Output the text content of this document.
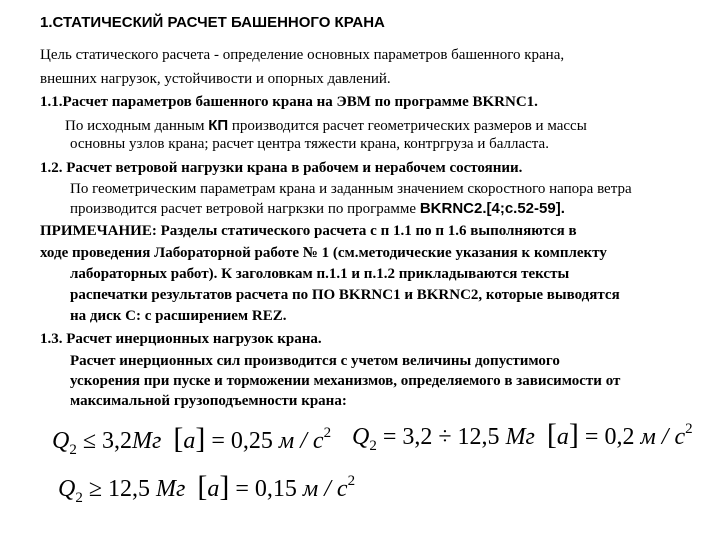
1.СТАТИЧЕСКИЙ РАСЧЕТ БАШЕННОГО КРАНА
Цель статического расчета - определение основных параметров башенного крана,
внешних нагрузок, устойчивости и опорных давлений.
1.1.Расчет параметров башенного крана на ЭВМ по программе BKRNC1.
По исходным данным КП производится расчет геометрических размеров и массы
основны узлов крана; расчет центра тяжести крана, контргруза и балласта.
1.2. Расчет ветровой нагрузки крана в рабочем и нерабочем состоянии.
По геометрическим параметрам крана и заданным значением скоростного напора ветра
производится расчет ветровой нагркзки по программе BKRNC2.[4;с.52-59].
ПРИМЕЧАНИЕ: Разделы статического расчета с п 1.1 по п 1.6 выполняются в
ходе проведения Лабораторной работе № 1 (см.методические указания к комплекту
лабораторных работ). К заголовкам п.1.1 и п.1.2 прикладываются тексты
распечатки результатов расчета по ПО BKRNC1 и BKRNC2, которые выводятся
на диск С: с расширением REZ.
1.3. Расчет инерционных нагрузок крана.
Расчет инерционных сил производится с учетом величины допустимого
ускорения при пуске и торможении механизмов, определяемого в зависимости от
максимальной грузоподъемности крана:
$Q_2 \le 3,2Мг$ [a] = 0,25 м / $с^2$ $Q_2 = 3,2 \div 12,5$ Мг [a] = 0,2 м / $с^2$
$Q_2 \ge 12,5$ Мг [a] = 0,15 м / $с^2$
